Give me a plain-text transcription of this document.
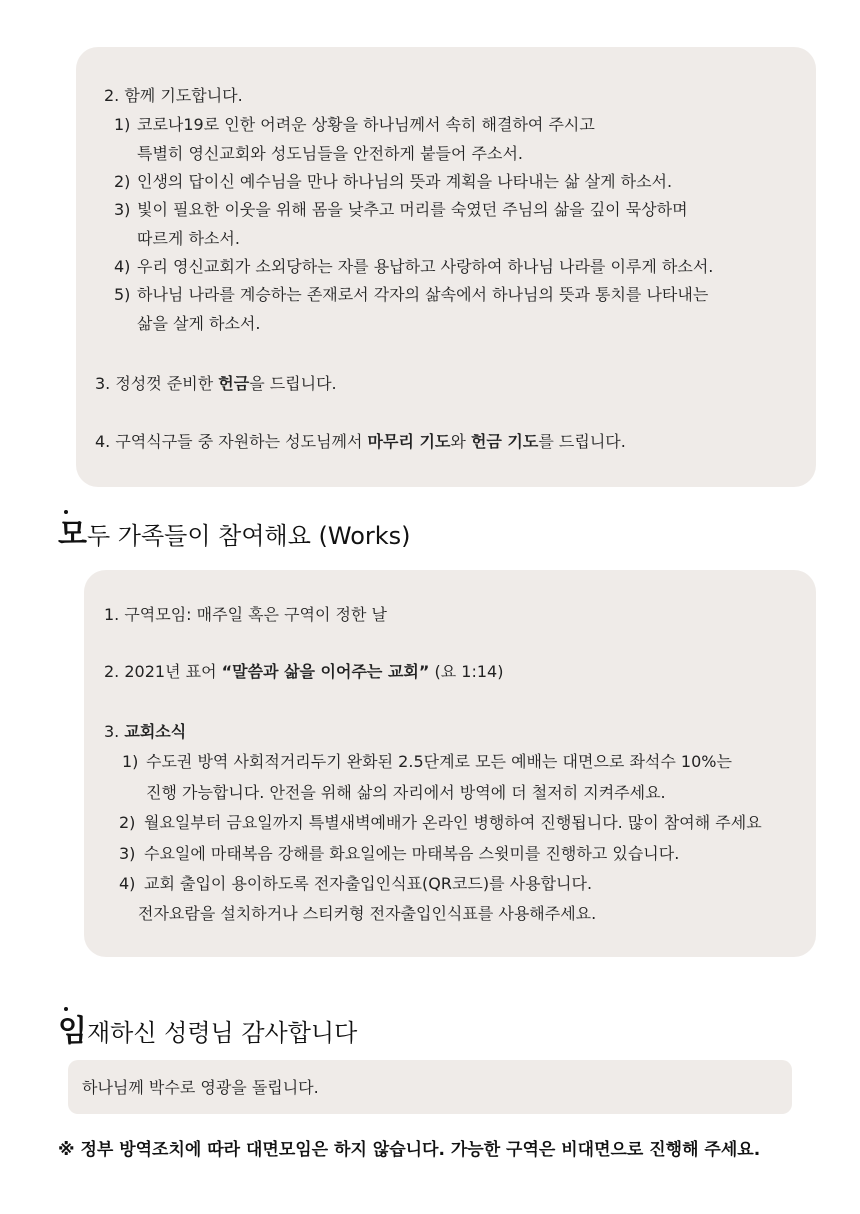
2. 함께 기도합니다.
1) 코로나19로 인한 어려운 상황을 하나님께서 속히 해결하여 주시고
특별히 영신교회와 성도님들을 안전하게 붙들어 주소서.
2) 인생의 답이신 예수님을 만나 하나님의 뜻과 계획을 나타내는 삶 살게 하소서.
3) 빛이 필요한 이웃을 위해 몸을 낮추고 머리를 숙였던 주님의 삶을 깊이 묵상하며
따르게 하소서.
4) 우리 영신교회가 소외당하는 자를 용납하고 사랑하여 하나님 나라를 이루게 하소서.
5) 하나님 나라를 계승하는 존재로서 각자의 삶속에서 하나님의 뜻과 통치를 나타내는
삶을 살게 하소서.
3. 정성껏 준비한 헌금을 드립니다.
4. 구역식구들 중 자원하는 성도님께서 마무리 기도와 헌금 기도를 드립니다.
모두 가족들이 참여해요 (Works)
1. 구역모임: 매주일 혹은 구역이 정한 날
2. 2021년 표어 “말씀과 삶을 이어주는 교회” (요 1:14)
3. 교회소식
1) 수도권 방역 사회적거리두기 완화된 2.5단계로 모든 예배는 대면으로 좌석수 10%는
진행 가능합니다. 안전을 위해 삶의 자리에서 방역에 더 철저히 지켜주세요.
2) 월요일부터 금요일까지 특별새벽예배가 온라인 병행하여 진행됩니다. 많이 참여해 주세요
3) 수요일에 마태복음 강해를 화요일에는 마태복음 스윗미를 진행하고 있습니다.
4) 교회 출입이 용이하도록 전자출입인식표(QR코드)를 사용합니다.
전자요람을 설치하거나 스티커형 전자출입인식표를 사용해주세요.
임재하신 성령님 감사합니다
하나님께 박수로 영광을 돌립니다.
※ 정부 방역조치에 따라 대면모임은 하지 않습니다. 가능한 구역은 비대면으로 진행해 주세요.
